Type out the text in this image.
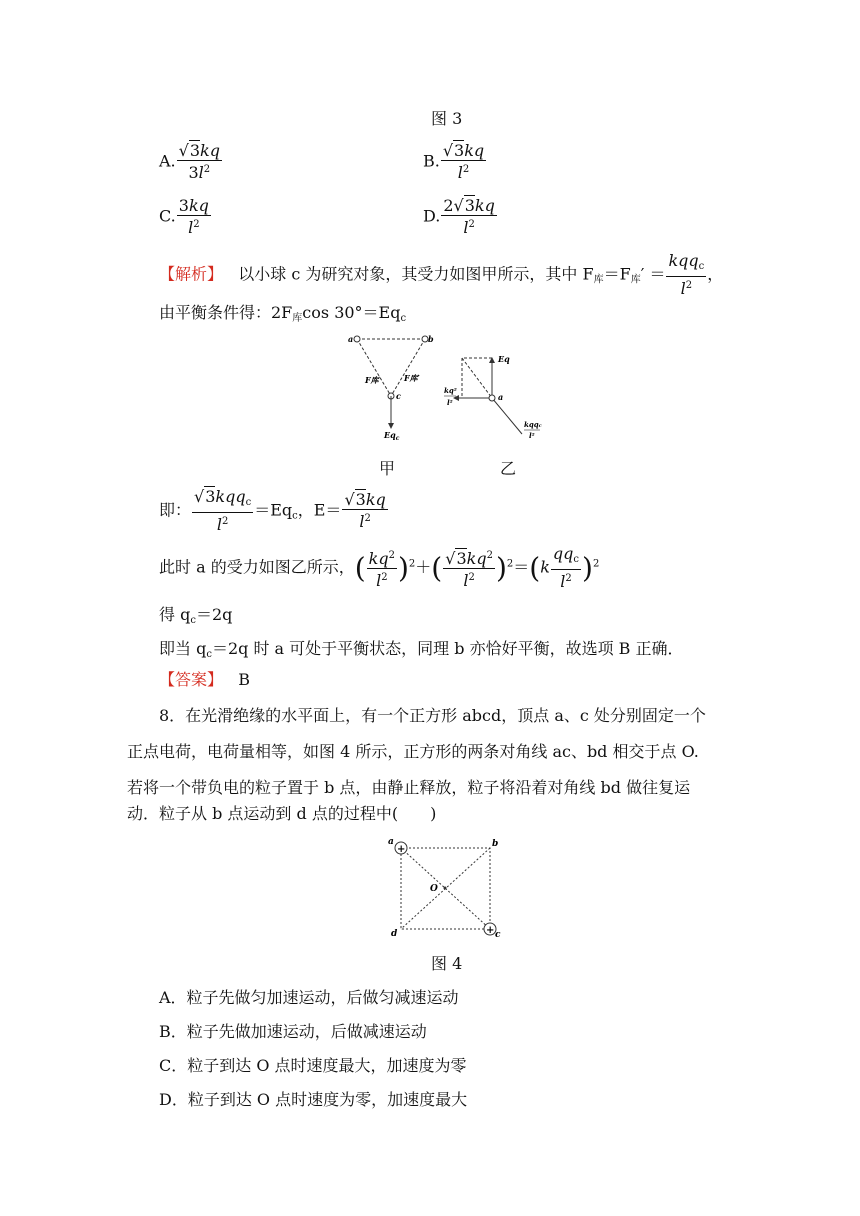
图 3
A. $\frac{√3kq}{3l^2}$	B. $\frac{√3kq}{l^2}$
C. $\frac{3kq}{l^2}$	D. $\frac{2√3kq}{l^2}$
【解析】 以小球 c 为研究对象，其受力如图甲所示，其中 $F_库=F_库' = \frac{kqq_c}{l^2}$ ，
由平衡条件得：$2F_库\cos$ $30^\circ=Eq_c$
a	b
c
F库	F库′
$Eq_c$
Eq
a
kq²
l²
kqqc
l²
甲	乙
即： $\frac{√3kqq_c}{l^2} =Eq_c$，$E= \frac{√3kq}{l^2}$
此时 a 的受力如图乙所示，( $\frac{kq^2}{l^2} )^2+( \frac{√3kq^2}{l^2} )^2=(k \frac{qq_c}{l^2} )^2$
得 $q_c=2q$
即当 $q_c=2q$ 时 a 可处于平衡状态，同理 b 亦恰好平衡，故选项 B 正确．
【答案】 B
8．在光滑绝缘的水平面上，有一个正方形 abcd，顶点 a、c 处分别固定一个
正点电荷，电荷量相等，如图 4 所示，正方形的两条对角线 ac、bd 相交于点 O.
若将一个带负电的粒子置于 b 点，由静止释放，粒子将沿着对角线 bd 做往复运
动．粒子从 b 点运动到 d 点的过程中(　　)
+
+
a	b
c
d
O
图 4
A．粒子先做匀加速运动，后做匀减速运动
B．粒子先做加速运动，后做减速运动
C．粒子到达 O 点时速度最大，加速度为零
D．粒子到达 O 点时速度为零，加速度最大
